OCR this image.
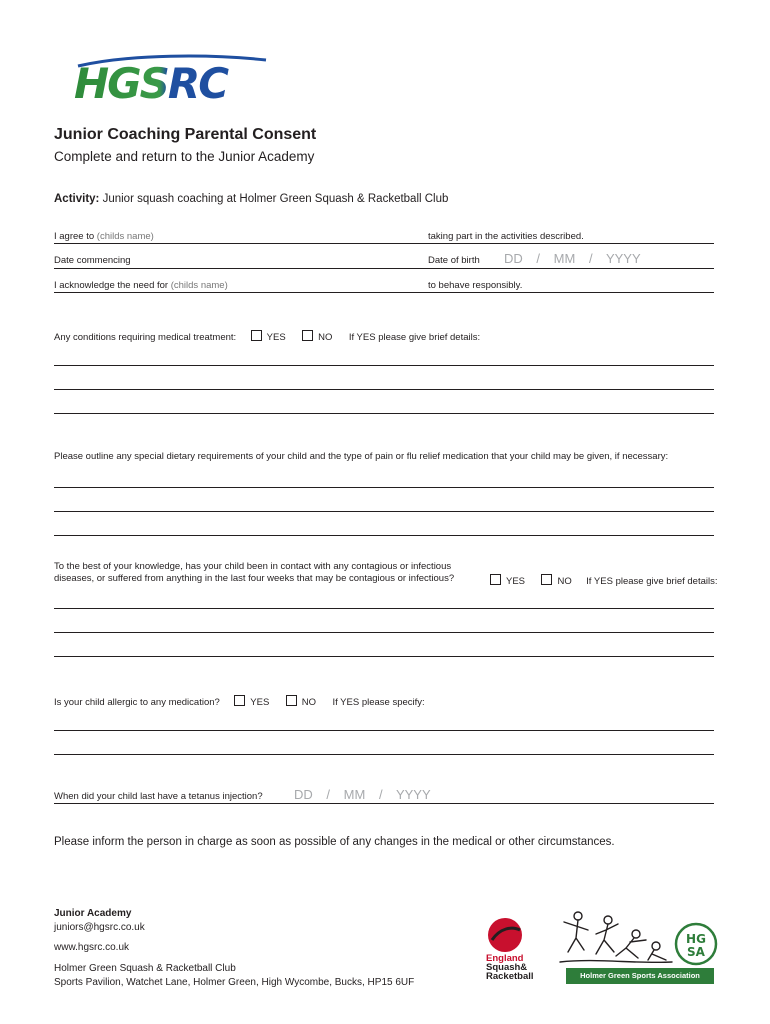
HGSRC
Junior Coaching Parental Consent
Complete and return to the Junior Academy
Activity: Junior squash coaching at Holmer Green Squash & Racketball Club
I agree to (childs name)	taking part in the activities described.
Date commencing	Date of birth DD / MM / YYYY
I acknowledge the need for (childs name)	to behave responsibly.
Any conditions requiring medical treatment:	YES	NO If YES please give brief details:
Please outline any special dietary requirements of your child and the type of pain or flu relief medication that your child may be given, if necessary:
To the best of your knowledge, has your child been in contact with any contagious or infectious
diseases, or suffered from anything in the last four weeks that may be contagious or infectious?	YES	NO If YES please give brief details:
Is your child allergic to any medication?	YES	NO If YES please specify:
When did your child last have a tetanus injection? DD / MM / YYYY
Please inform the person in charge as soon as possible of any changes in the medical or other circumstances.
Junior Academy
juniors@hgsrc.co.uk
www.hgsrc.co.uk
Holmer Green Squash & Racketball Club
Sports Pavilion, Watchet Lane, Holmer Green, High Wycombe, Bucks, HP15 6UF
England
Squash&
Racketball
HG
SA
Holmer Green Sports Association
